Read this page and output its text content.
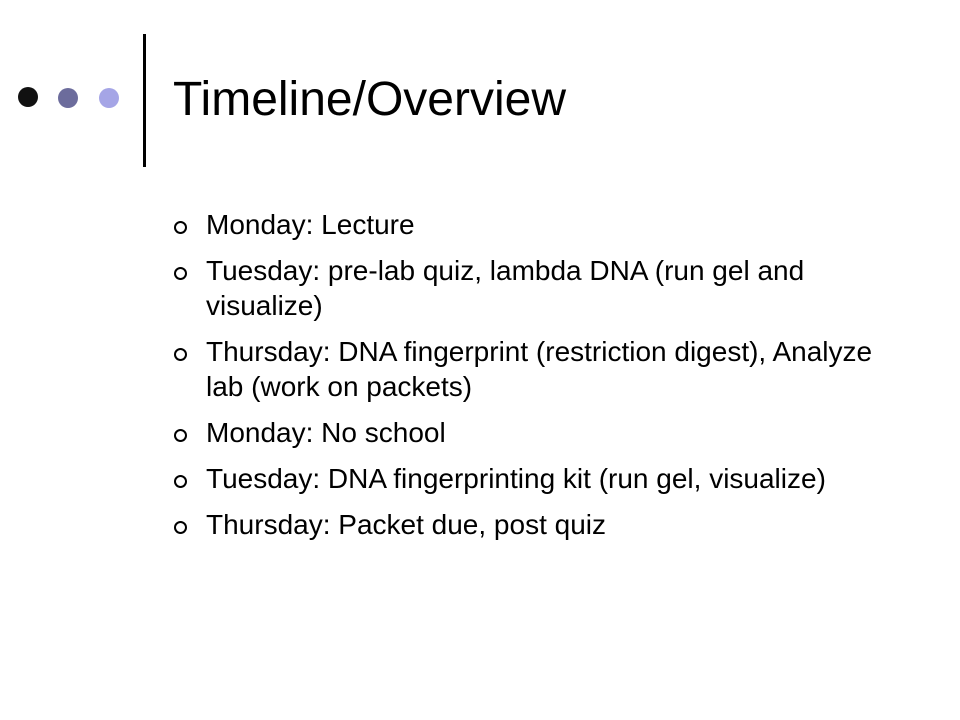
Timeline/Overview
Monday: Lecture
Tuesday: pre-lab quiz, lambda DNA (run gel and visualize)
Thursday: DNA fingerprint (restriction digest), Analyze lab (work on packets)
Monday: No school
Tuesday: DNA fingerprinting kit (run gel, visualize)
Thursday: Packet due, post quiz
